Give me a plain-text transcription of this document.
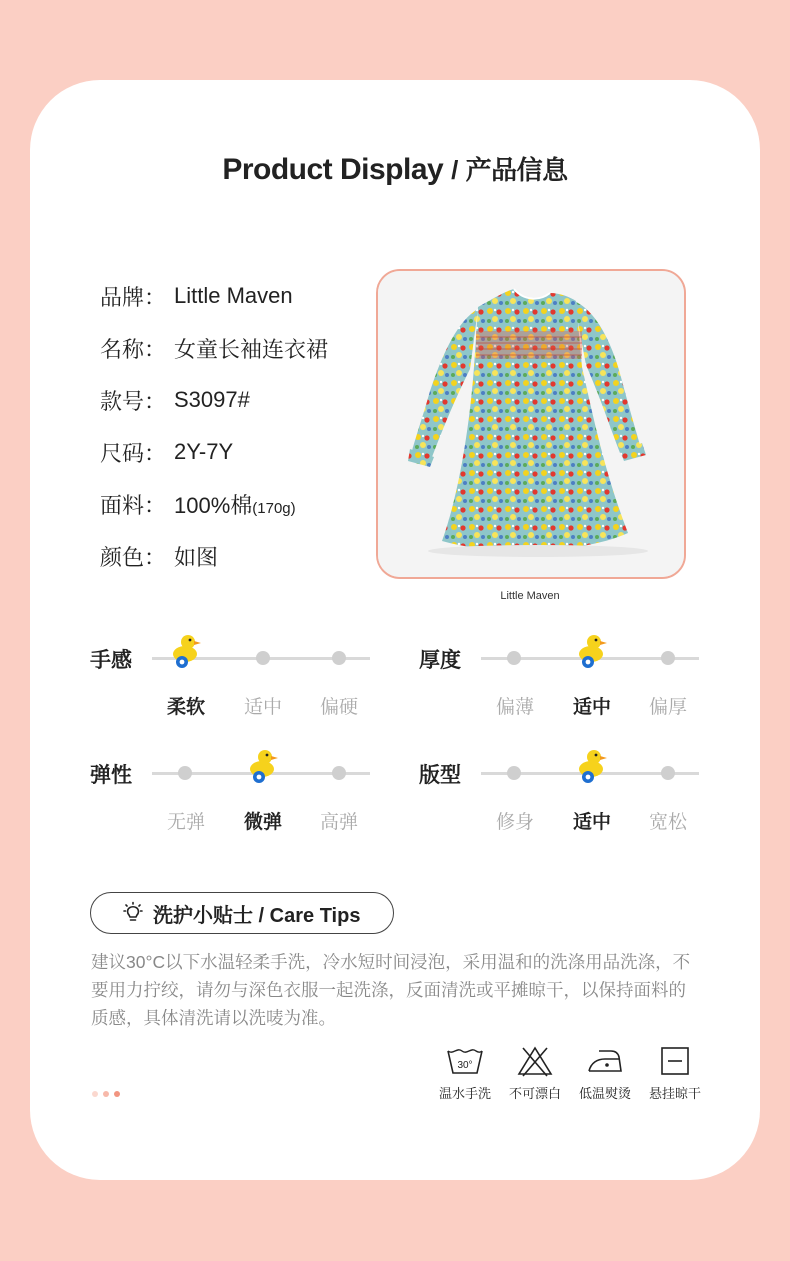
Product Display / 产品信息
品牌： Little Maven
名称： 女童长袖连衣裙
款号： S3097#
尺码： 2Y-7Y
面料： 100%棉(170g)
颜色： 如图
Little Maven
手感
柔软	适中	偏硬
厚度
偏薄	适中	偏厚
弹性
无弹	微弹	高弹
版型
修身	适中	宽松
洗护小贴士 / Care Tips
建议30°C以下水温轻柔手洗，冷水短时间浸泡，采用温和的洗涤用品洗涤，不要用力拧绞，请勿与深色衣服一起洗涤，反面清洗或平摊晾干，以保持面料的质感，具体清洗请以洗唛为准。
30°
温水手洗	不可漂白	低温熨烫	悬挂晾干
